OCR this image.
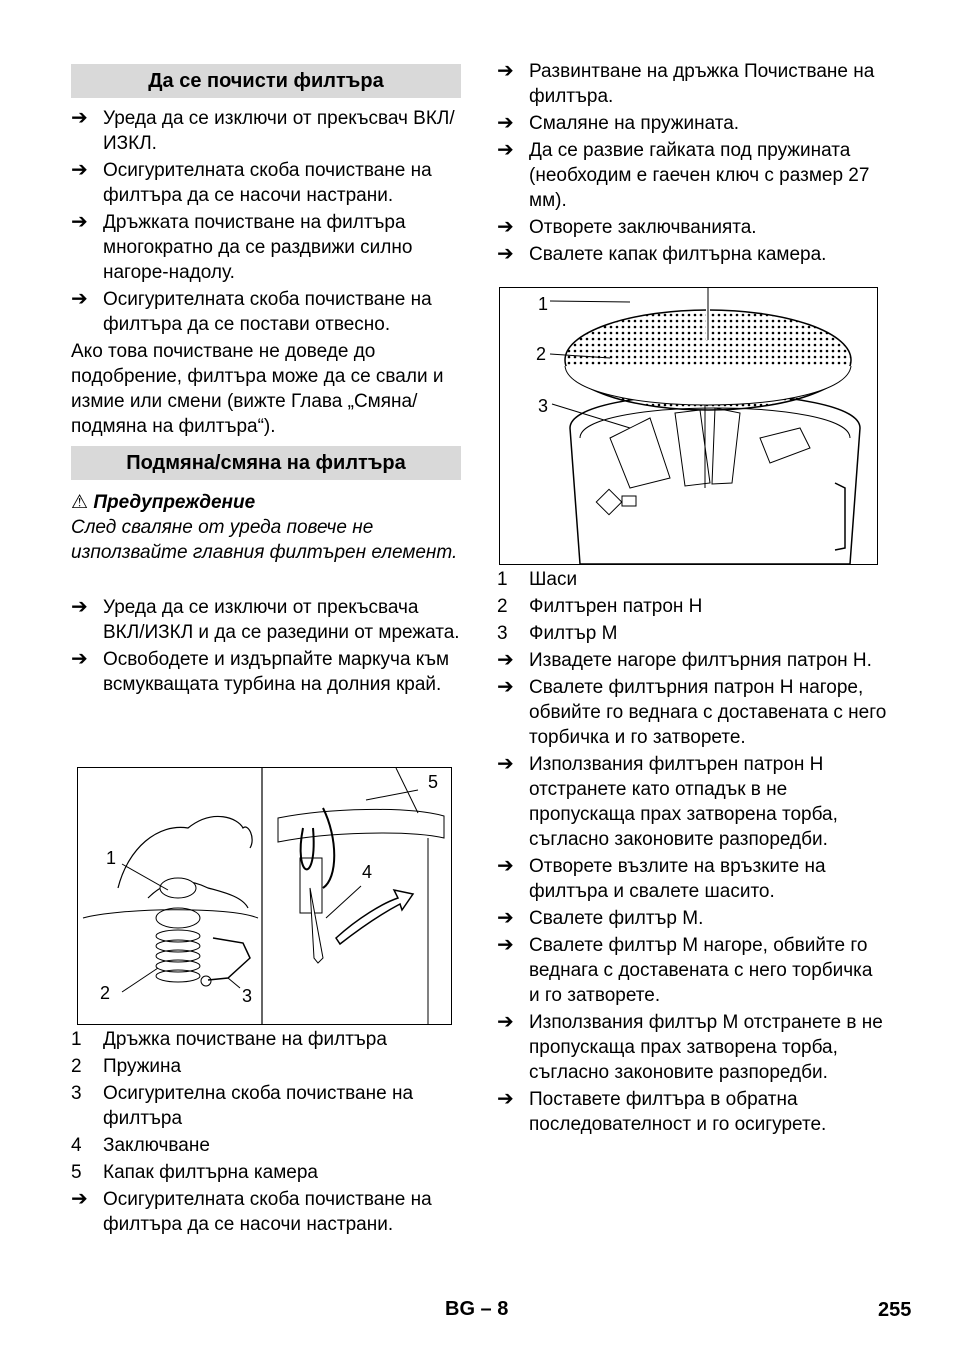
Да се почисти филтъра
➔ Уреда да се изключи от прекъсвач ВКЛ/ИЗКЛ.
➔ Осигурителната скоба почистване на филтъра да се насочи настрани.
➔ Дръжката почистване на филтъра многократно да се раздвижи силно нагоре-надолу.
➔ Осигурителната скоба почистване на филтъра да се постави отвесно.
Ако това почистване не доведе до подобрение, филтъра може да се свали и измие или смени (вижте Глава „Смяна/подмяна на филтъра“).
Подмяна/смяна на филтъра
⚠ Предупреждение
След сваляне от уреда повече не използвайте главния филтърен елемент.
➔ Уреда да се изключи от прекъсвача ВКЛ/ИЗКЛ и да се разедини от мрежата.
➔ Освободете и издърпайте маркуча към всмукващата турбина на долния край.
1
2	3
4
5
1	Дръжка почистване на филтъра
2	Пружина
3	Осигурителна скоба почистване на филтъра
4	Заключване
5	Капак филтърна камера
➔ Осигурителната скоба почистване на филтъра да се насочи настрани.
➔ Развинтване на дръжка Почистване на филтъра.
➔ Смаляне на пружината.
➔ Да се развие гайката под пружината (необходим е гаечен ключ с размер 27 мм).
➔ Отворете заключванията.
➔ Свалете капак филтърна камера.
1
2
3
1	Шаси
2	Филтърен патрон Н
3	Филтър М
➔ Извадете нагоре филтърния патрон Н.
➔ Свалете филтърния патрон Н нагоре, обвийте го веднага с доставената с него торбичка и го затворете.
➔ Използвания филтърен патрон Н отстранете като отпадък в не пропускаща прах затворена торба, съгласно законовите разпоредби.
➔ Отворете възлите на връзките на филтъра и свалете шасито.
➔ Свалете филтър М.
➔ Свалете филтър М нагоре, обвийте го веднага с доставената с него торбичка и го затворете.
➔ Използвания филтър М отстранете в не пропускаща прах затворена торба, съгласно законовите разпоредби.
➔ Поставете филтъра в обратна последователност и го осигурете.
BG – 8	255
